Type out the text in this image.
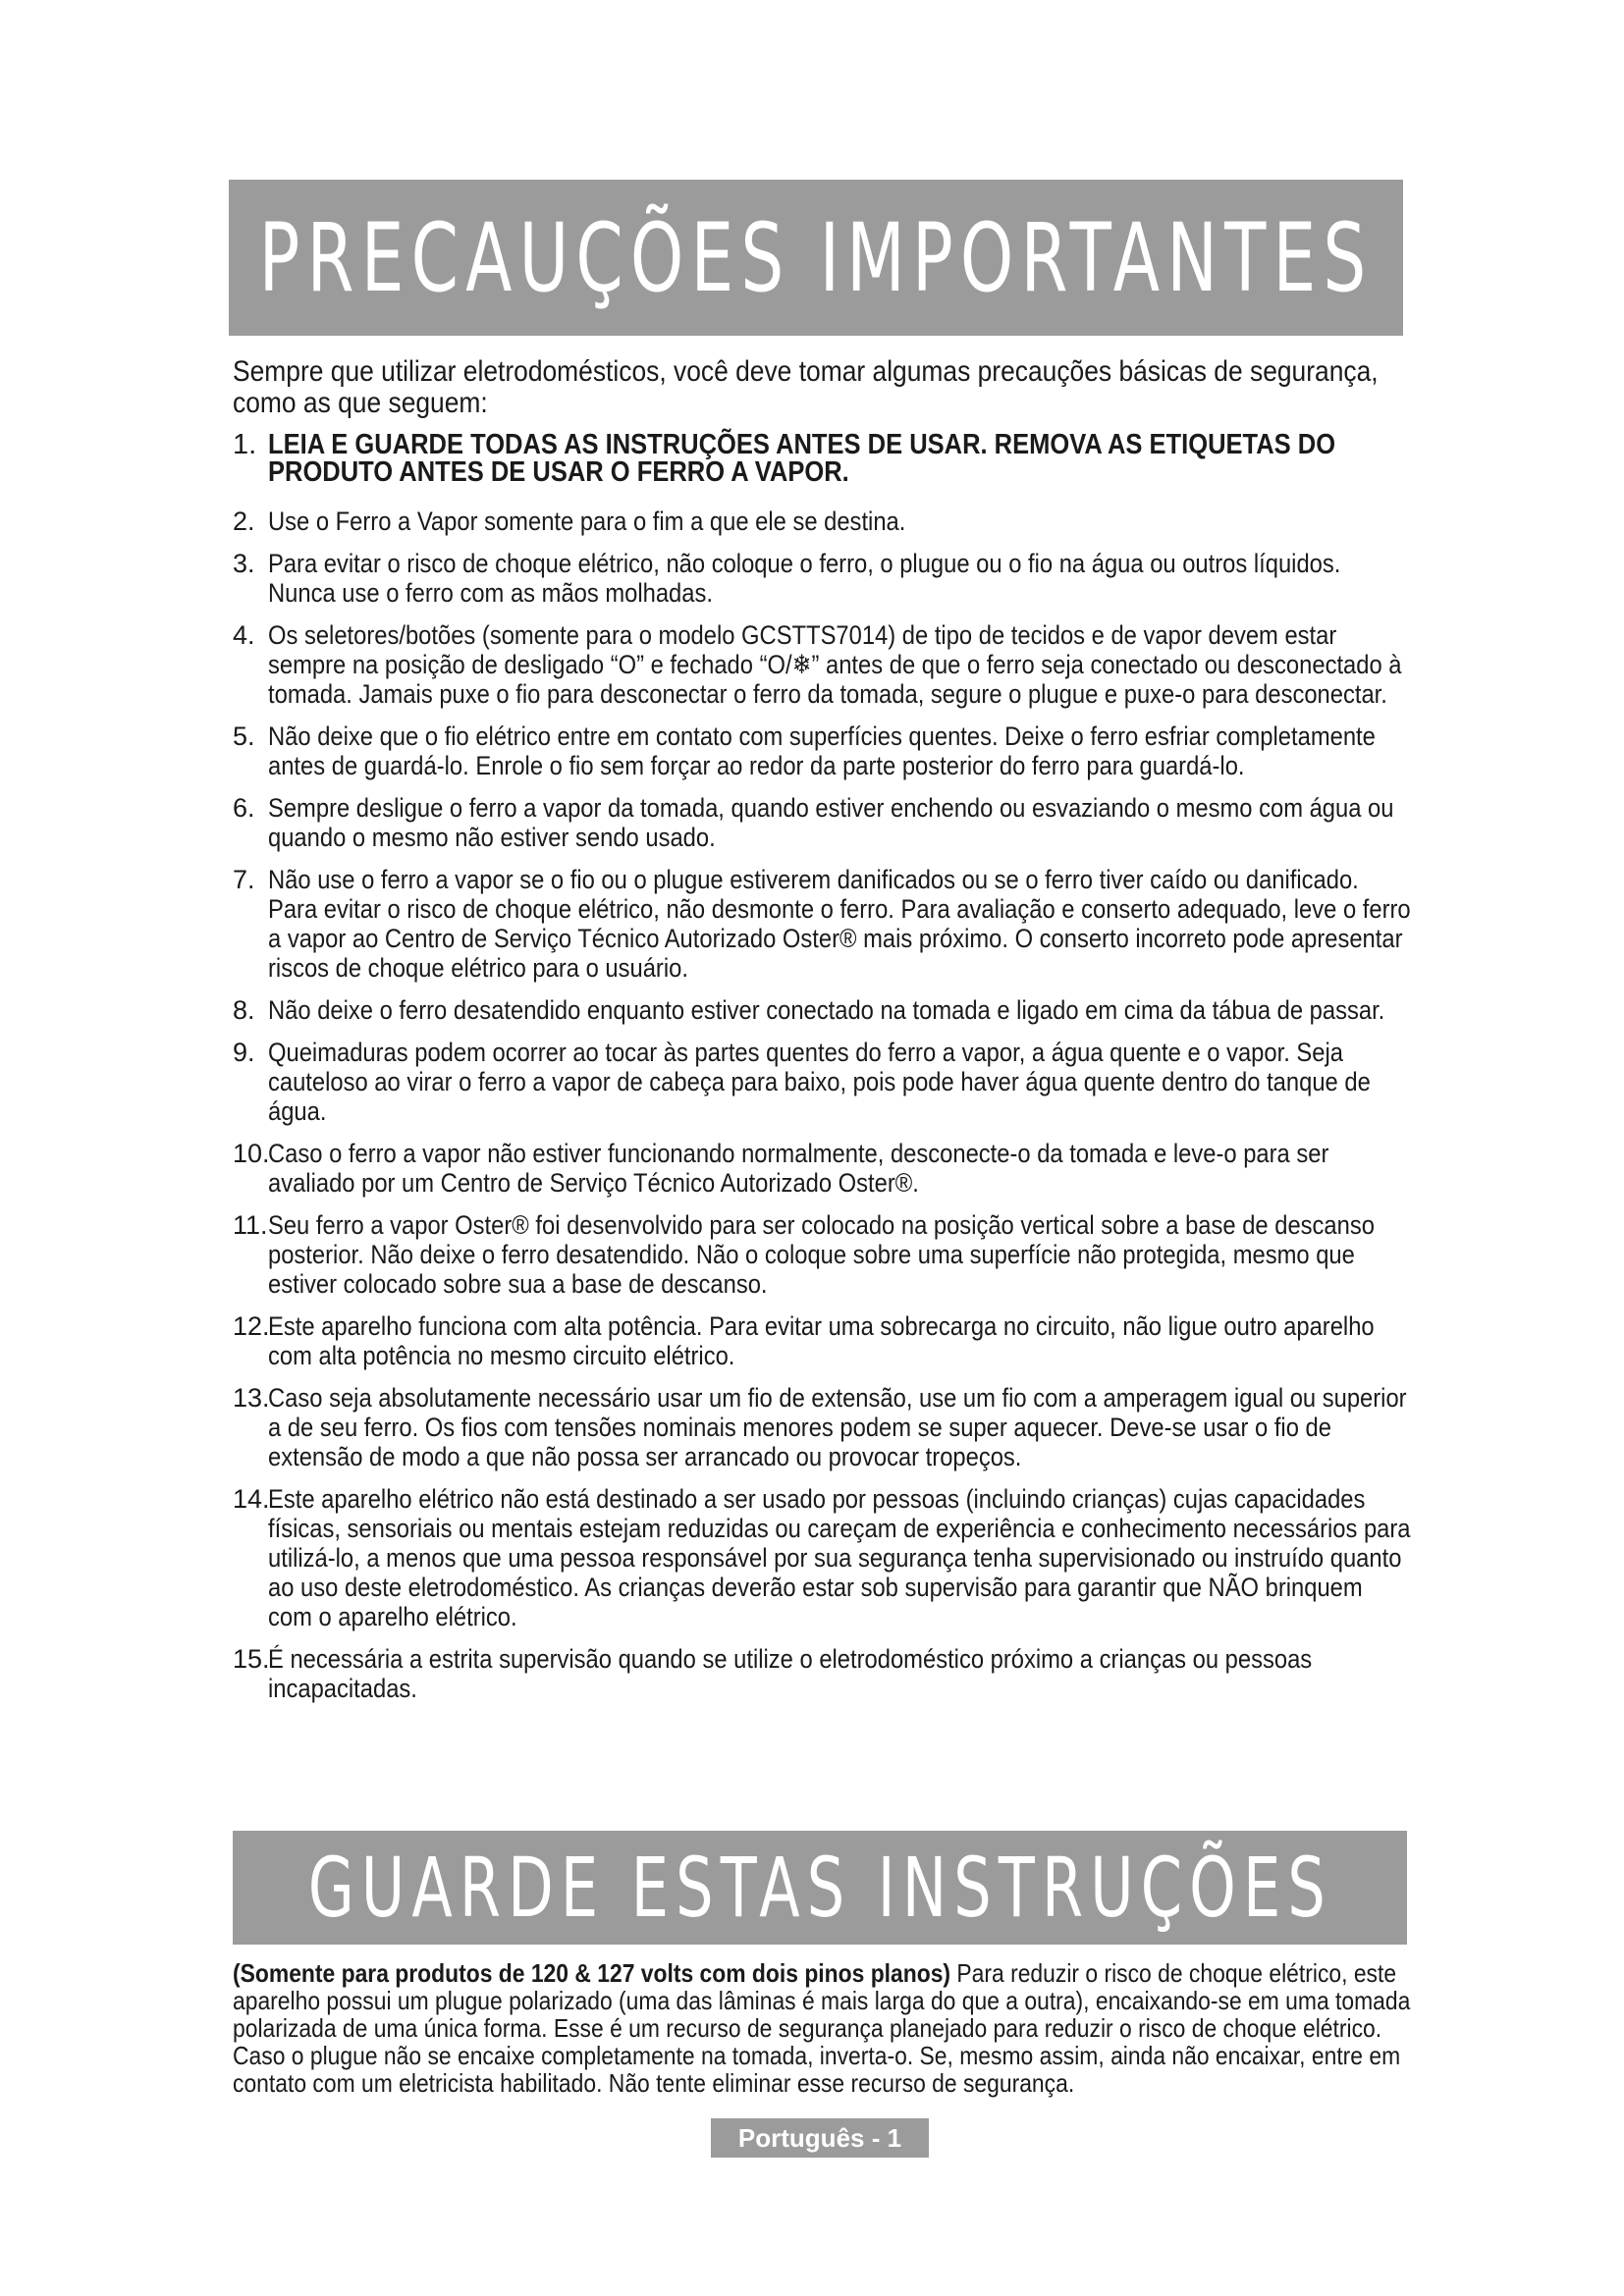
PRECAUÇÕES IMPORTANTES
Sempre que utilizar eletrodomésticos, você deve tomar algumas precauções básicas de segurança, como as que seguem:
1. LEIA E GUARDE TODAS AS INSTRUÇÕES ANTES DE USAR. REMOVA AS ETIQUETAS DO PRODUTO ANTES DE USAR O FERRO A VAPOR.
2. Use o Ferro a Vapor somente para o fim a que ele se destina.
3. Para evitar o risco de choque elétrico, não coloque o ferro, o plugue ou o fio na água ou outros líquidos. Nunca use o ferro com as mãos molhadas.
4. Os seletores/botões (somente para o modelo GCSTTS7014) de tipo de tecidos e de vapor devem estar sempre na posição de desligado “O” e fechado “O/❄” antes de que o ferro seja conectado ou desconectado à tomada. Jamais puxe o fio para desconectar o ferro da tomada, segure o plugue e puxe-o para desconectar.
5. Não deixe que o fio elétrico entre em contato com superfícies quentes. Deixe o ferro esfriar completamente antes de guardá-lo. Enrole o fio sem forçar ao redor da parte posterior do ferro para guardá-lo.
6. Sempre desligue o ferro a vapor da tomada, quando estiver enchendo ou esvaziando o mesmo com água ou quando o mesmo não estiver sendo usado.
7. Não use o ferro a vapor se o fio ou o plugue estiverem danificados ou se o ferro tiver caído ou danificado. Para evitar o risco de choque elétrico, não desmonte o ferro. Para avaliação e conserto adequado, leve o ferro a vapor ao Centro de Serviço Técnico Autorizado Oster® mais próximo. O conserto incorreto pode apresentar riscos de choque elétrico para o usuário.
8. Não deixe o ferro desatendido enquanto estiver conectado na tomada e ligado em cima da tábua de passar.
9. Queimaduras podem ocorrer ao tocar às partes quentes do ferro a vapor, a água quente e o vapor. Seja cauteloso ao virar o ferro a vapor de cabeça para baixo, pois pode haver água quente dentro do tanque de água.
10.
Caso o ferro a vapor não estiver funcionando normalmente, desconecte-o da tomada e leve-o para ser avaliado por um Centro de Serviço Técnico Autorizado Oster®.
11. Seu ferro a vapor Oster® foi desenvolvido para ser colocado na posição vertical sobre a base de descanso posterior. Não deixe o ferro desatendido. Não o coloque sobre uma superfície não protegida, mesmo que estiver colocado sobre sua a base de descanso.
12.
Este aparelho funciona com alta potência. Para evitar uma sobrecarga no circuito, não ligue outro aparelho com alta potência no mesmo circuito elétrico.
13.
Caso seja absolutamente necessário usar um fio de extensão, use um fio com a amperagem igual ou superior a de seu ferro. Os fios com tensões nominais menores podem se super aquecer. Deve-se usar o fio de extensão de modo a que não possa ser arrancado ou provocar tropeços.
14.
Este aparelho elétrico não está destinado a ser usado por pessoas (incluindo crianças) cujas capacidades físicas, sensoriais ou mentais estejam reduzidas ou careçam de experiência e conhecimento necessários para utilizá-lo, a menos que uma pessoa responsável por sua segurança tenha supervisionado ou instruído quanto ao uso deste eletrodoméstico. As crianças deverão estar sob supervisão para garantir que NÃO brinquem com o aparelho elétrico.
15.
É necessária a estrita supervisão quando se utilize o eletrodoméstico próximo a crianças ou pessoas incapacitadas.
GUARDE ESTAS INSTRUÇÕES
(Somente para produtos de 120 & 127 volts com dois pinos planos) Para reduzir o risco de choque elétrico, este aparelho possui um plugue polarizado (uma das lâminas é mais larga do que a outra), encaixando-se em uma tomada polarizada de uma única forma. Esse é um recurso de segurança planejado para reduzir o risco de choque elétrico. Caso o plugue não se encaixe completamente na tomada, inverta-o. Se, mesmo assim, ainda não encaixar, entre em contato com um eletricista habilitado. Não tente eliminar esse recurso de segurança.
Português - 1
